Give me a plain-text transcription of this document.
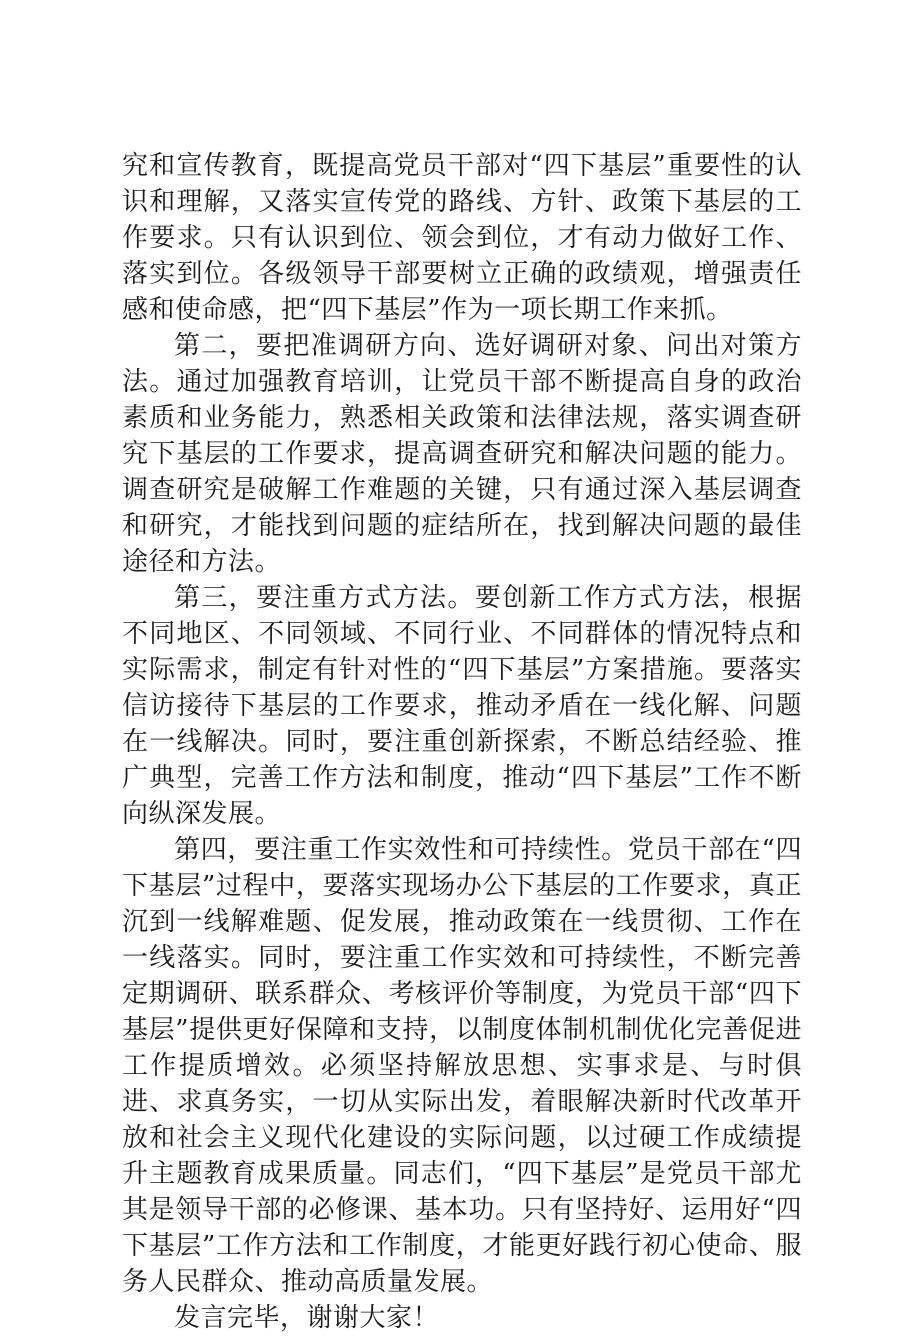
究和宣传教育，既提高党员干部对“四下基层”重要性的认识和理解，又落实宣传党的路线、方针、政策下基层的工作要求。只有认识到位、领会到位，才有动力做好工作、落实到位。各级领导干部要树立正确的政绩观，增强责任感和使命感，把“四下基层”作为一项长期工作来抓。

第二，要把准调研方向、选好调研对象、问出对策方法。通过加强教育培训，让党员干部不断提高自身的政治素质和业务能力，熟悉相关政策和法律法规，落实调查研究下基层的工作要求，提高调查研究和解决问题的能力。调查研究是破解工作难题的关键，只有通过深入基层调查和研究，才能找到问题的症结所在，找到解决问题的最佳途径和方法。

第三，要注重方式方法。要创新工作方式方法，根据不同地区、不同领域、不同行业、不同群体的情况特点和实际需求，制定有针对性的“四下基层”方案措施。要落实信访接待下基层的工作要求，推动矛盾在一线化解、问题在一线解决。同时，要注重创新探索，不断总结经验、推广典型，完善工作方法和制度，推动“四下基层”工作不断向纵深发展。

第四，要注重工作实效性和可持续性。党员干部在“四下基层”过程中，要落实现场办公下基层的工作要求，真正沉到一线解难题、促发展，推动政策在一线贯彻、工作在一线落实。同时，要注重工作实效和可持续性，不断完善定期调研、联系群众、考核评价等制度，为党员干部“四下基层”提供更好保障和支持，以制度体制机制优化完善促进工作提质增效。必须坚持解放思想、实事求是、与时俱进、求真务实，一切从实际出发，着眼解决新时代改革开放和社会主义现代化建设的实际问题，以过硬工作成绩提升主题教育成果质量。同志们，“四下基层”是党员干部尤其是领导干部的必修课、基本功。只有坚持好、运用好“四下基层”工作方法和工作制度，才能更好践行初心使命、服务人民群众、推动高质量发展。

发言完毕，谢谢大家！
